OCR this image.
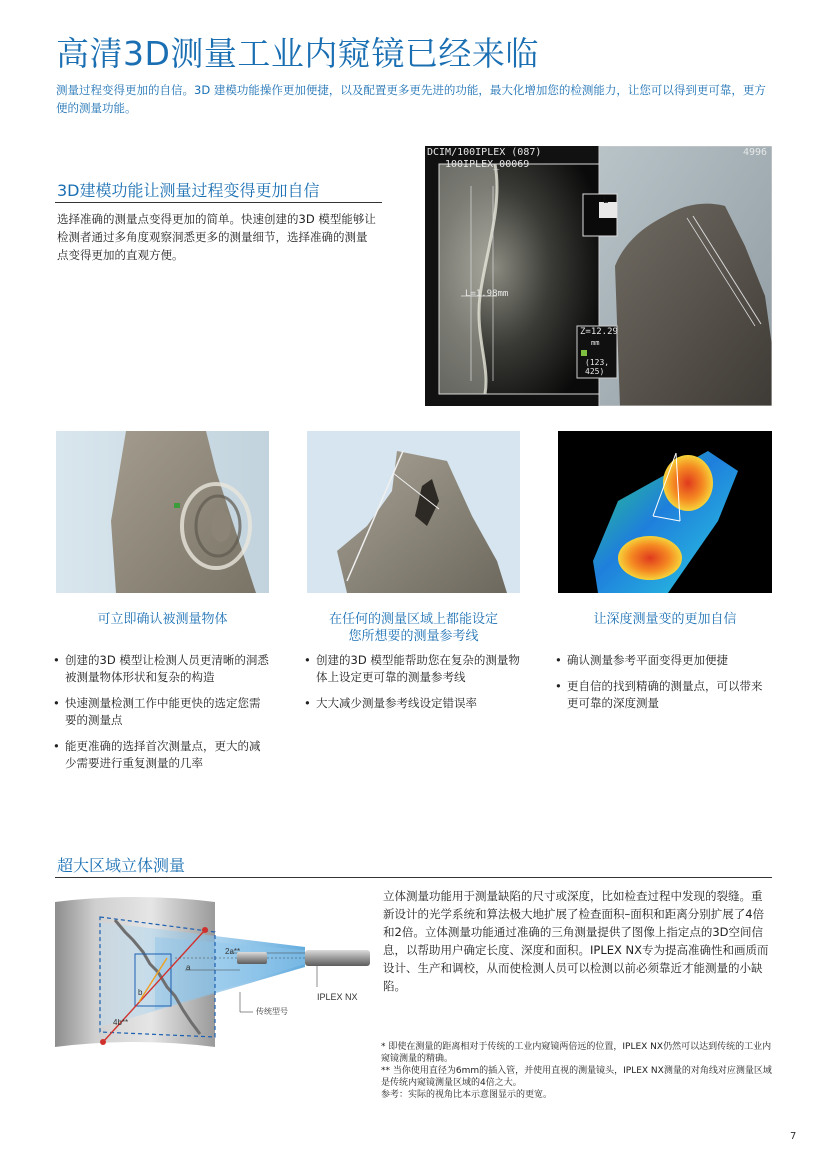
高清3D测量工业内窥镜已经来临
测量过程变得更加的自信。3D 建模功能操作更加便捷，以及配置更多更先进的功能，最大化增加您的检测能力，让您可以得到更可靠，更方便的测量功能。
3D建模功能让测量过程变得更加自信
选择准确的测量点变得更加的简单。快速创建的3D 模型能够让检测者通过多角度观察洞悉更多的测量细节，选择准确的测量点变得更加的直观方便。
DCIM/100IPLEX (087)
100IPLEX_00069
4996
L=1.98mm
L
Z=12.29
mm
(123,
425)
可立即确认被测量物体	在任何的测量区域上都能设定
您所想要的测量参考线
让深度测量变的更加自信
• 创建的3D 模型让检测人员更清晰的洞悉被测量物体形状和复杂的构造
• 快速测量检测工作中能更快的选定您需要的测量点
• 能更准确的选择首次测量点，更大的减少需要进行重复测量的几率
• 创建的3D 模型能帮助您在复杂的测量物体上设定更可靠的测量参考线
• 大大减少测量参考线设定错误率
• 确认测量参考平面变得更加便捷
• 更自信的找到精确的测量点，可以带来更可靠的深度测量
超大区域立体测量
立体测量功能用于测量缺陷的尺寸或深度，比如检查过程中发现的裂缝。重新设计的光学系统和算法极大地扩展了检查面积–面积和距离分别扩展了4倍和2倍。立体测量功能通过准确的三角测量提供了图像上指定点的3D空间信息，以帮助用户确定长度、深度和面积。IPLEX NX专为提高准确性和画质而设计、生产和调校，从而使检测人员可以检测以前必须靠近才能测量的小缺陷。
2a**
a
b
4b**
IPLEX NX
传统型号
* 即使在测量的距离相对于传统的工业内窥镜两倍远的位置，IPLEX NX仍然可以达到传统的工业内窥镜测量的精确。
** 当你使用直径为6mm的插入管，并使用直视的测量镜头，IPLEX NX测量的对角线对应测量区域是传统内窥镜测量区域的4倍之大。
参考：实际的视角比本示意图显示的更宽。
7
